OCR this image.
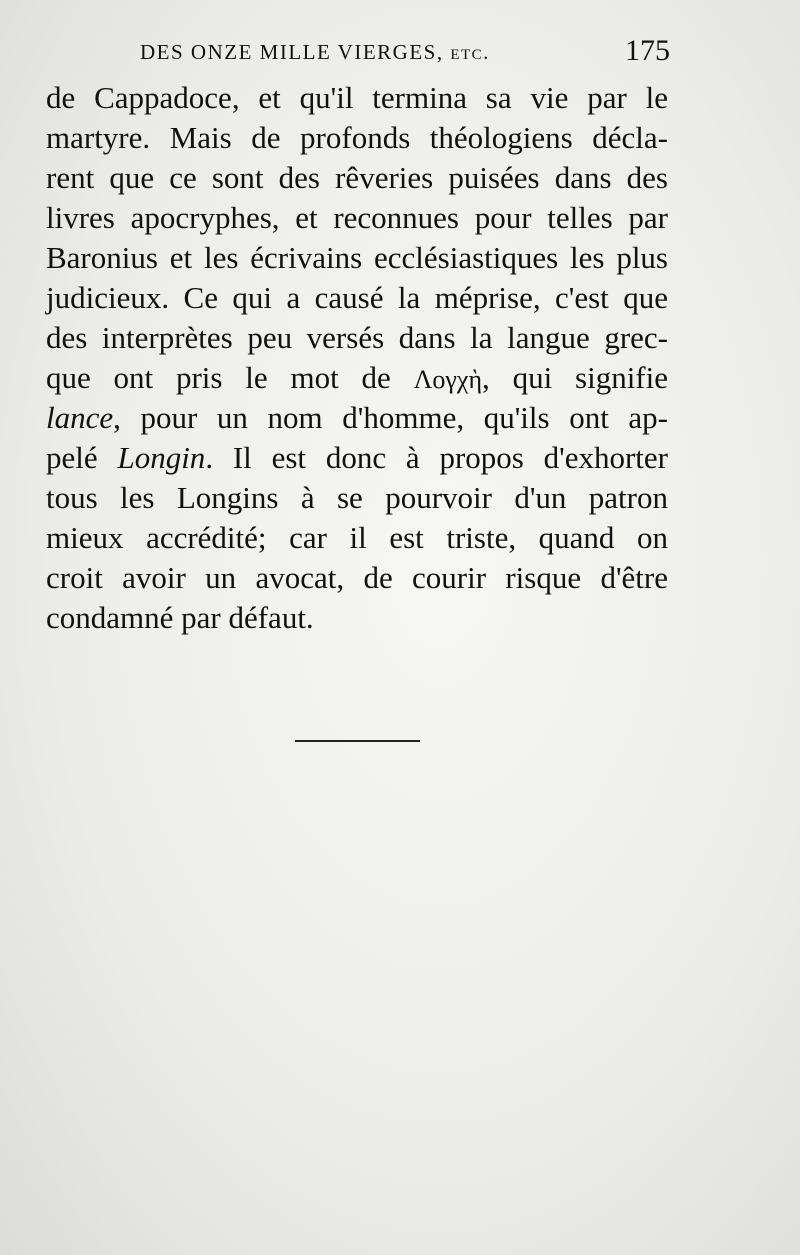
DES ONZE MILLE VIERGES, etc.	175
de Cappadoce, et qu'il termina sa vie par le
martyre. Mais de profonds théologiens décla-
rent que ce sont des rêveries puisées dans des
livres apocryphes, et reconnues pour telles par
Baronius et les écrivains ecclésiastiques les plus
judicieux. Ce qui a causé la méprise, c'est que
des interprètes peu versés dans la langue grec-
que ont pris le mot de Λογχὴ, qui signifie
lance, pour un nom d'homme, qu'ils ont ap-
pelé Longin. Il est donc à propos d'exhorter
tous les Longins à se pourvoir d'un patron
mieux accrédité; car il est triste, quand on
croit avoir un avocat, de courir risque d'être
condamné par défaut.
